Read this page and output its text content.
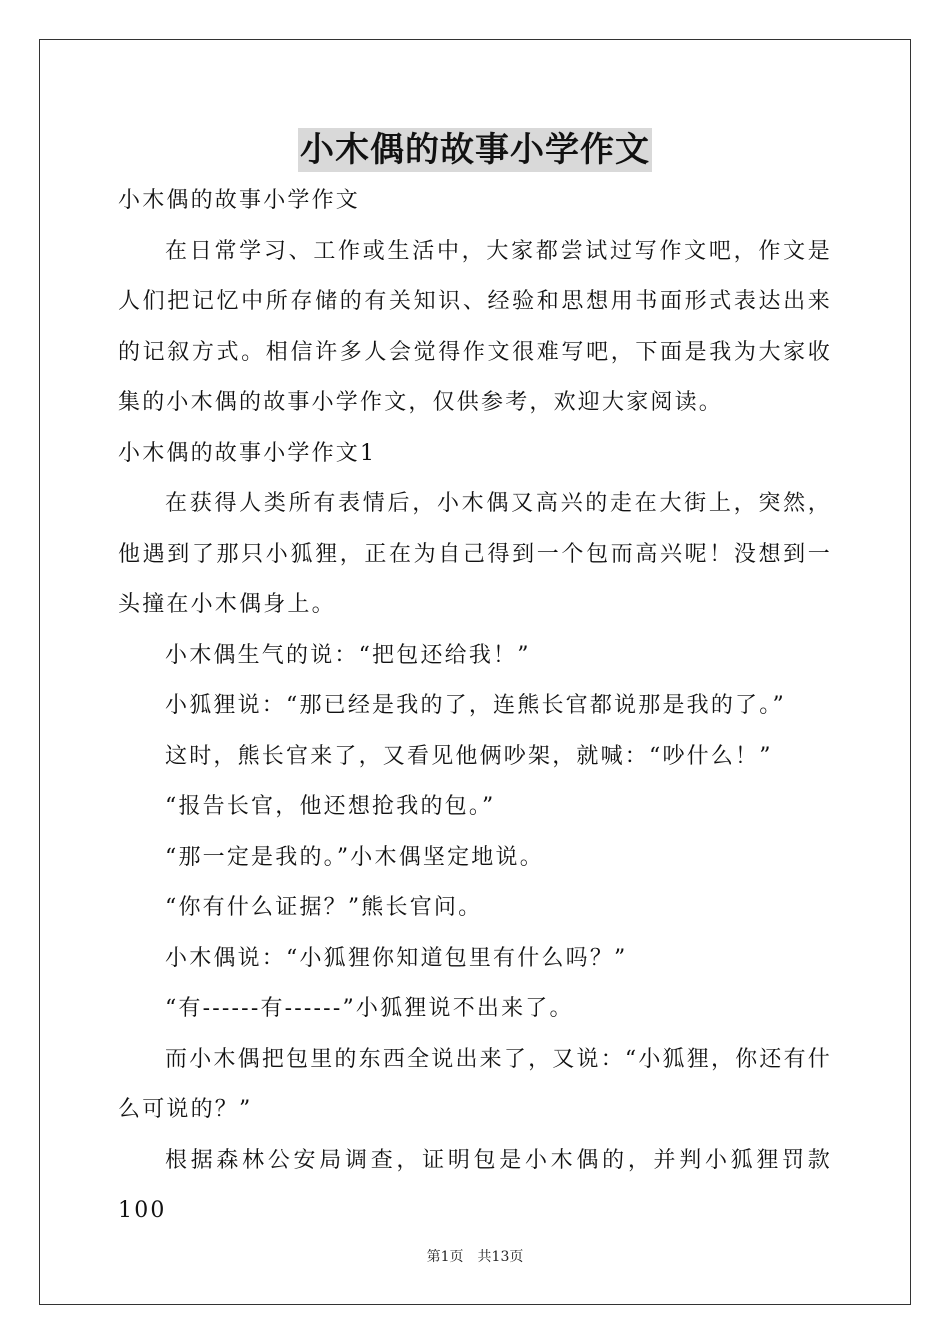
小木偶的故事小学作文

小木偶的故事小学作文

在日常学习、工作或生活中，大家都尝试过写作文吧，作文是人们把记忆中所存储的有关知识、经验和思想用书面形式表达出来的记叙方式。相信许多人会觉得作文很难写吧，下面是我为大家收集的小木偶的故事小学作文，仅供参考，欢迎大家阅读。

小木偶的故事小学作文1

在获得人类所有表情后，小木偶又高兴的走在大街上，突然，他遇到了那只小狐狸，正在为自己得到一个包而高兴呢！没想到一头撞在小木偶身上。

小木偶生气的说：“把包还给我！”

小狐狸说：“那已经是我的了，连熊长官都说那是我的了。”

这时，熊长官来了，又看见他俩吵架，就喊：“吵什么！”

“报告长官，他还想抢我的包。”

“那一定是我的。”小木偶坚定地说。

“你有什么证据？”熊长官问。

小木偶说：“小狐狸你知道包里有什么吗？”

“有------有------”小狐狸说不出来了。

而小木偶把包里的东西全说出来了，又说：“小狐狸，你还有什么可说的？”

根据森林公安局调查，证明包是小木偶的，并判小狐狸罚款100

第1页　共13页
